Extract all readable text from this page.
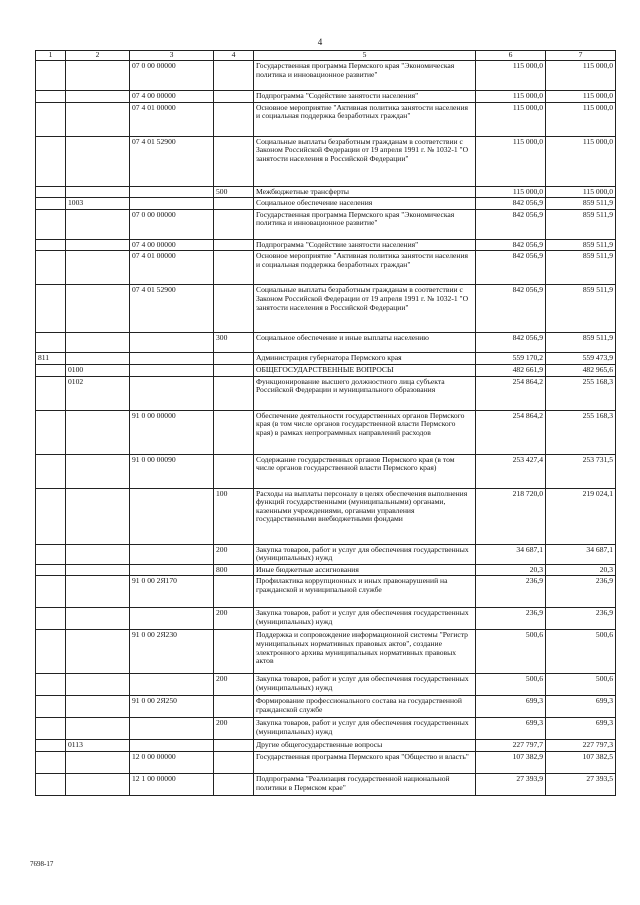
4
1	2	3	4	5	6	7
		07 0 00 00000		Государственная программа Пермского края "Экономическая политика и инновационное развитие"	115 000,0	115 000,0
		07 4 00 00000		Подпрограмма "Содействие занятости населения"	115 000,0	115 000,0
		07 4 01 00000		Основное мероприятие "Активная политика занятости населения и социальная поддержка безработных граждан"	115 000,0	115 000,0
		07 4 01 52900		Социальные выплаты безработным гражданам в соответствии с Законом Российской Федерации от 19 апреля 1991 г. № 1032-1 "О занятости населения в Российской Федерации"	115 000,0	115 000,0
			500	Межбюджетные трансферты	115 000,0	115 000,0
	1003			Социальное обеспечение населения	842 056,9	859 511,9
		07 0 00 00000		Государственная программа Пермского края "Экономическая политика и инновационное развитие"	842 056,9	859 511,9
		07 4 00 00000		Подпрограмма "Содействие занятости населения"	842 056,9	859 511,9
		07 4 01 00000		Основное мероприятие "Активная политика занятости населения и социальная поддержка безработных граждан"	842 056,9	859 511,9
		07 4 01 52900		Социальные выплаты безработным гражданам в соответствии с Законом Российской Федерации от 19 апреля 1991 г. № 1032-1 "О занятости населения в Российской Федерации"	842 056,9	859 511,9
			300	Социальное обеспечение и иные выплаты населению	842 056,9	859 511,9
811				Администрация губернатора Пермского края	559 170,2	559 473,9
	0100			ОБЩЕГОСУДАРСТВЕННЫЕ ВОПРОСЫ	482 661,9	482 965,6
	0102			Функционирование высшего должностного лица субъекта Российской Федерации и муниципального образования	254 864,2	255 168,3
		91 0 00 00000		Обеспечение деятельности государственных органов Пермского края (в том числе органов государственной власти Пермского края) в рамках непрограммных направлений расходов	254 864,2	255 168,3
		91 0 00 00090		Содержание государственных органов Пермского края (в том числе органов государственной власти Пермского края)	253 427,4	253 731,5
			100	Расходы на выплаты персоналу в целях обеспечения выполнения функций государственными (муниципальными) органами, казенными учреждениями, органами управления государственными внебюджетными фондами	218 720,0	219 024,1
			200	Закупка товаров, работ и услуг для обеспечения государственных (муниципальных) нужд	34 687,1	34 687,1
			800	Иные бюджетные ассигнования	20,3	20,3
		91 0 00 2Я170		Профилактика коррупционных и иных правонарушений на гражданской и муниципальной службе	236,9	236,9
			200	Закупка товаров, работ и услуг для обеспечения государственных (муниципальных) нужд	236,9	236,9
		91 0 00 2Я230		Поддержка и сопровождение информационной системы "Регистр муниципальных нормативных правовых актов", создание электронного архива муниципальных нормативных правовых актов	500,6	500,6
			200	Закупка товаров, работ и услуг для обеспечения государственных (муниципальных) нужд	500,6	500,6
		91 0 00 2Я250		Формирование профессионального состава на государственной гражданской службе	699,3	699,3
			200	Закупка товаров, работ и услуг для обеспечения государственных (муниципальных) нужд	699,3	699,3
	0113			Другие общегосударственные вопросы	227 797,7	227 797,3
		12 0 00 00000		Государственная программа Пермского края "Общество и власть"	107 382,9	107 382,5
		12 1 00 00000		Подпрограмма "Реализация государственной национальной политики в Пермском крае"	27 393,9	27 393,5
7698-17
